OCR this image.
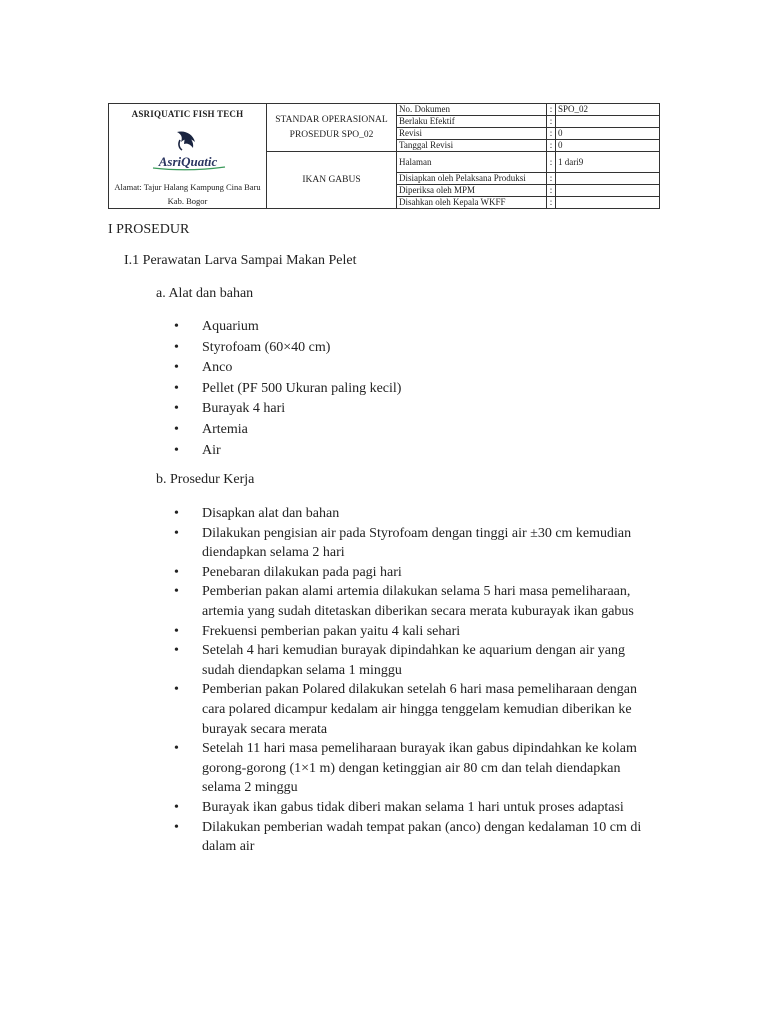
ASRIQUATIC FISH TECH
AsriQuatic
Alamat: Tajur Halang Kampung Cina Baru Kab. Bogor	STANDAR OPERASIONAL PROSEDUR SPO_02	No. Dokumen	:	SPO_02
		Berlaku Efektif	:	
		Revisi	:	0
		Tanggal Revisi	:	0
	IKAN GABUS	Halaman	:	1 dari9
		Disiapkan oleh Pelaksana Produksi	:	
		Diperiksa oleh MPM	:	
		Disahkan oleh Kepala WKFF	:	
I PROSEDUR
I.1 Perawatan Larva Sampai Makan Pelet
a. Alat dan bahan
• Aquarium
• Styrofoam (60×40 cm)
• Anco
• Pellet (PF 500 Ukuran paling kecil)
• Burayak 4 hari
• Artemia
• Air
b. Prosedur Kerja
• Disapkan alat dan bahan
• Dilakukan pengisian air pada Styrofoam dengan tinggi air ±30 cm kemudian diendapkan selama 2 hari
• Penebaran dilakukan pada pagi hari
• Pemberian pakan alami artemia dilakukan selama 5 hari masa pemeliharaan, artemia yang sudah ditetaskan diberikan secara merata kuburayak ikan gabus
• Frekuensi pemberian pakan yaitu 4 kali sehari
• Setelah 4 hari kemudian burayak dipindahkan ke aquarium dengan air yang sudah diendapkan selama 1 minggu
• Pemberian pakan Polared dilakukan setelah 6 hari masa pemeliharaan dengan cara polared dicampur kedalam air hingga tenggelam kemudian diberikan ke burayak secara merata
• Setelah 11 hari masa pemeliharaan burayak ikan gabus dipindahkan ke kolam gorong-gorong (1×1 m) dengan ketinggian air 80 cm dan telah diendapkan selama 2 minggu
• Burayak ikan gabus tidak diberi makan selama 1 hari untuk proses adaptasi
• Dilakukan pemberian wadah tempat pakan (anco) dengan kedalaman 10 cm di dalam air
